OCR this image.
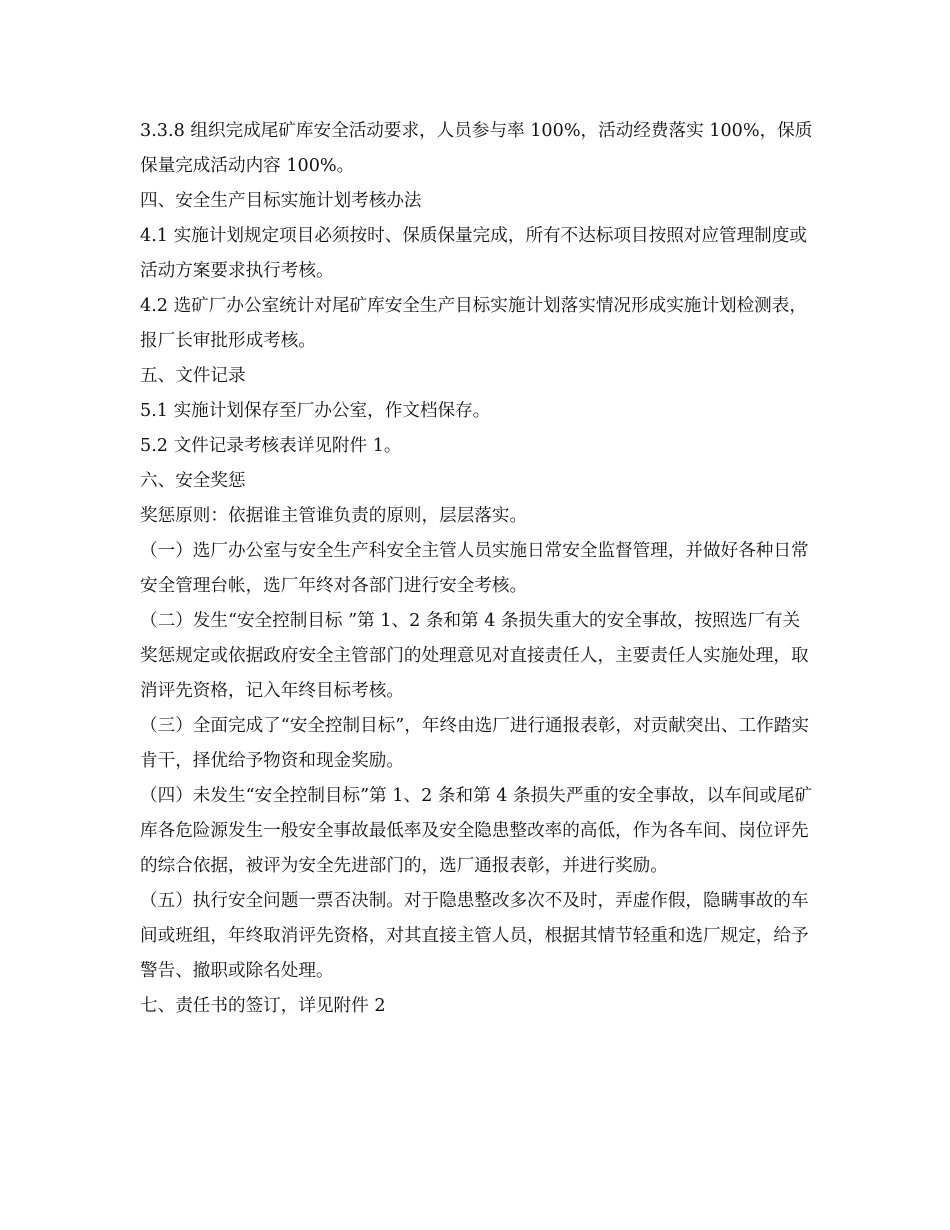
3.3.8 组织完成尾矿库安全活动要求，人员参与率 100%，活动经费落实 100%，保质保量完成活动内容 100%。

四、安全生产目标实施计划考核办法

4.1 实施计划规定项目必须按时、保质保量完成，所有不达标项目按照对应管理制度或活动方案要求执行考核。

4.2 选矿厂办公室统计对尾矿库安全生产目标实施计划落实情况形成实施计划检测表，报厂长审批形成考核。

五、文件记录

5.1 实施计划保存至厂办公室，作文档保存。

5.2 文件记录考核表详见附件 1。

六、安全奖惩

奖惩原则：依据谁主管谁负责的原则，层层落实。

（一）选厂办公室与安全生产科安全主管人员实施日常安全监督管理，并做好各种日常安全管理台帐，选厂年终对各部门进行安全考核。

（二）发生“安全控制目标 ”第 1、2 条和第 4 条损失重大的安全事故，按照选厂有关奖惩规定或依据政府安全主管部门的处理意见对直接责任人，主要责任人实施处理，取消评先资格，记入年终目标考核。

（三）全面完成了“安全控制目标”，年终由选厂进行通报表彰，对贡献突出、工作踏实肯干，择优给予物资和现金奖励。

（四）未发生“安全控制目标”第 1、2 条和第 4 条损失严重的安全事故，以车间或尾矿库各危险源发生一般安全事故最低率及安全隐患整改率的高低，作为各车间、岗位评先的综合依据，被评为安全先进部门的，选厂通报表彰，并进行奖励。

（五）执行安全问题一票否决制。对于隐患整改多次不及时，弄虚作假，隐瞒事故的车间或班组，年终取消评先资格，对其直接主管人员，根据其情节轻重和选厂规定，给予警告、撤职或除名处理。

七、责任书的签订，详见附件 2
